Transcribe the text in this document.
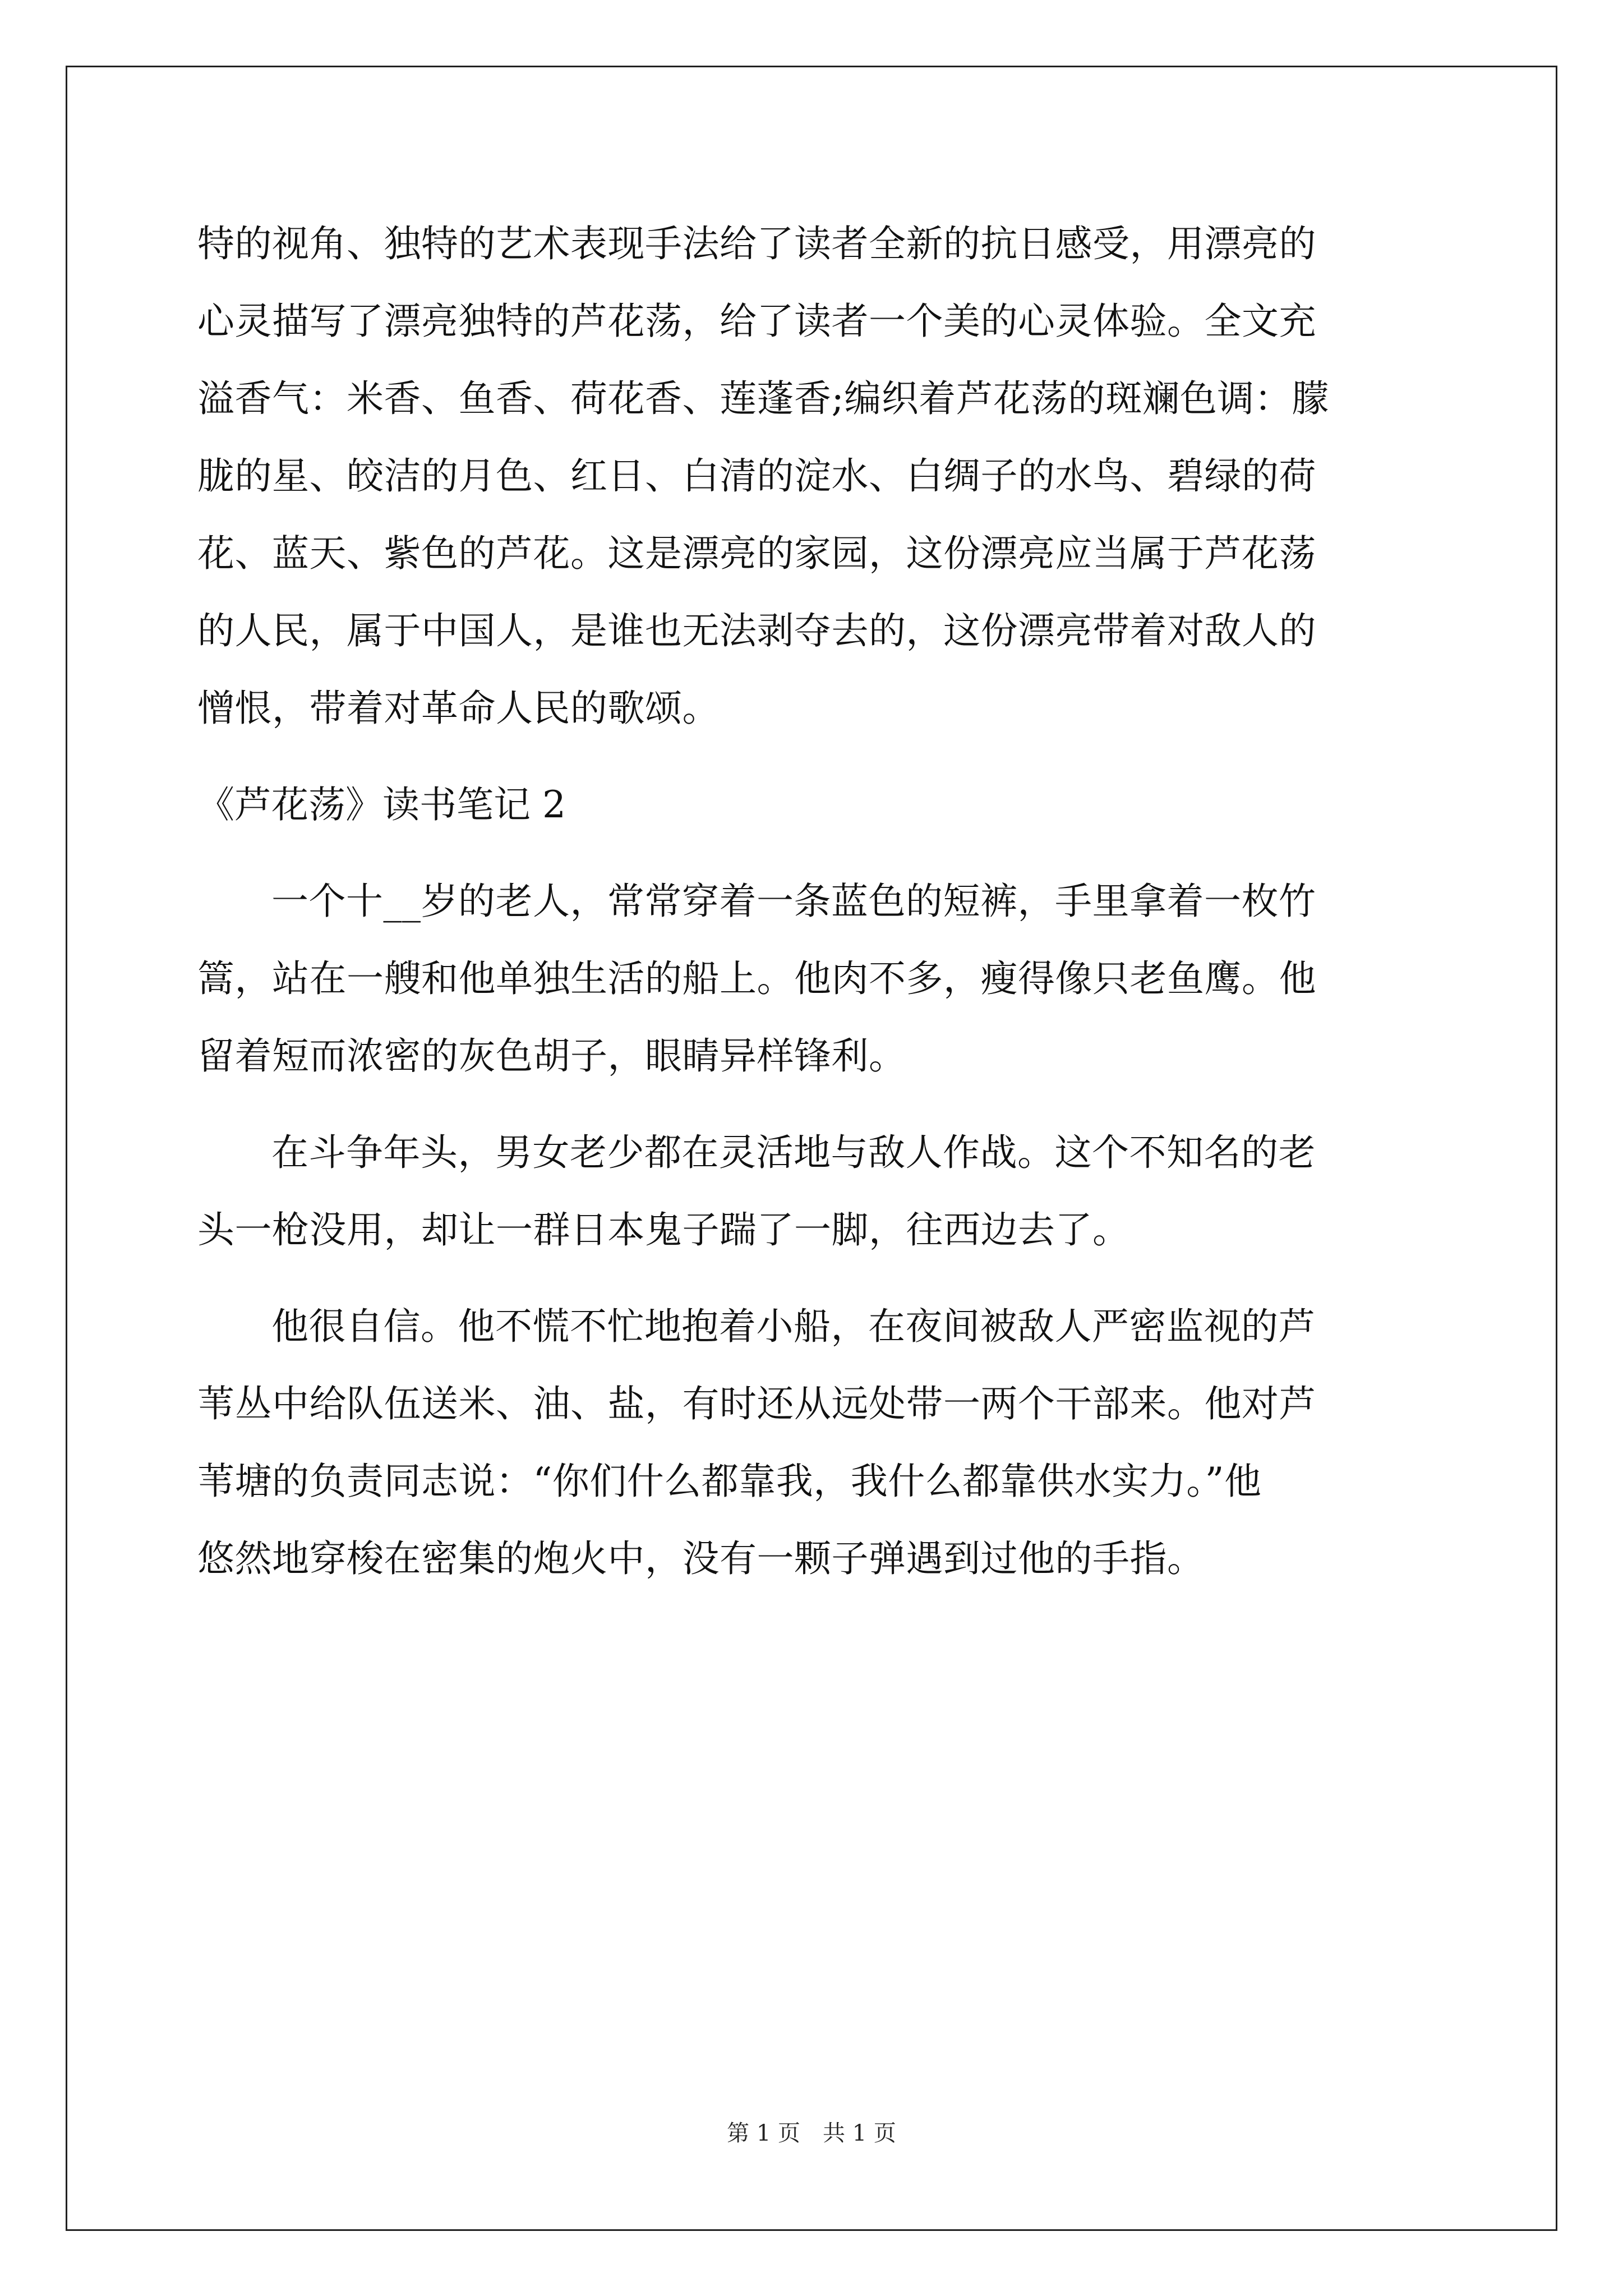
特的视角、独特的艺术表现手法给了读者全新的抗日感受，用漂亮的
心灵描写了漂亮独特的芦花荡，给了读者一个美的心灵体验。全文充
溢香气：米香、鱼香、荷花香、莲蓬香;编织着芦花荡的斑斓色调：朦
胧的星、皎洁的月色、红日、白清的淀水、白绸子的水鸟、碧绿的荷
花、蓝天、紫色的芦花。这是漂亮的家园，这份漂亮应当属于芦花荡
的人民，属于中国人，是谁也无法剥夺去的，这份漂亮带着对敌人的
憎恨，带着对革命人民的歌颂。
《芦花荡》读书笔记 2
一个十__岁的老人，常常穿着一条蓝色的短裤，手里拿着一枚竹
篙，站在一艘和他单独生活的船上。他肉不多，瘦得像只老鱼鹰。他
留着短而浓密的灰色胡子，眼睛异样锋利。
在斗争年头，男女老少都在灵活地与敌人作战。这个不知名的老
头一枪没用，却让一群日本鬼子踹了一脚，往西边去了。
他很自信。他不慌不忙地抱着小船，在夜间被敌人严密监视的芦
苇丛中给队伍送米、油、盐，有时还从远处带一两个干部来。他对芦
苇塘的负责同志说：“你们什么都靠我，我什么都靠供水实力。”他
悠然地穿梭在密集的炮火中，没有一颗子弹遇到过他的手指。
第 1 页　共 1 页
